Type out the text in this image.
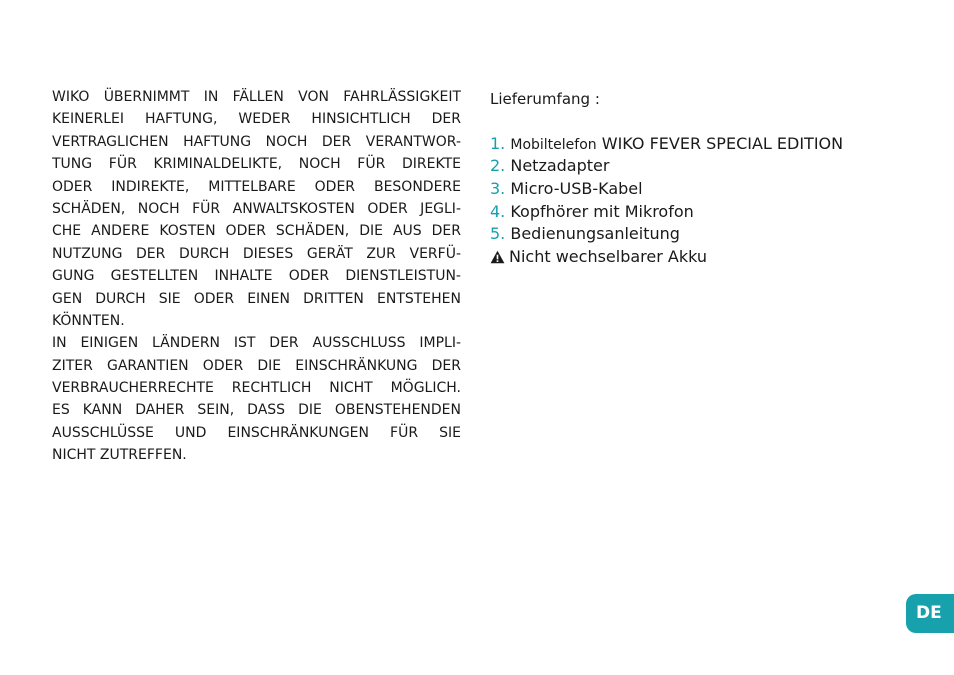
WIKO ÜBERNIMMT IN FÄLLEN VON FAHRLÄSSIGKEIT
KEINERLEI HAFTUNG, WEDER HINSICHTLICH DER
VERTRAGLICHEN HAFTUNG NOCH DER VERANTWOR-
TUNG FÜR KRIMINALDELIKTE, NOCH FÜR DIREKTE
ODER INDIREKTE, MITTELBARE ODER BESONDERE
SCHÄDEN, NOCH FÜR ANWALTSKOSTEN ODER JEGLI-
CHE ANDERE KOSTEN ODER SCHÄDEN, DIE AUS DER
NUTZUNG DER DURCH DIESES GERÄT ZUR VERFÜ-
GUNG GESTELLTEN INHALTE ODER DIENSTLEISTUN-
GEN DURCH SIE ODER EINEN DRITTEN ENTSTEHEN
KÖNNTEN.
IN EINIGEN LÄNDERN IST DER AUSSCHLUSS IMPLI-
ZITER GARANTIEN ODER DIE EINSCHRÄNKUNG DER
VERBRAUCHERRECHTE RECHTLICH NICHT MÖGLICH.
ES KANN DAHER SEIN, DASS DIE OBENSTEHENDEN
AUSSCHLÜSSE UND EINSCHRÄNKUNGEN FÜR SIE
NICHT ZUTREFFEN.
Lieferumfang :
1. Mobiltelefon WIKO FEVER SPECIAL EDITION
2. Netzadapter
3. Micro-USB-Kabel
4. Kopfhörer mit Mikrofon
5. Bedienungsanleitung
Nicht wechselbarer Akku
DE
